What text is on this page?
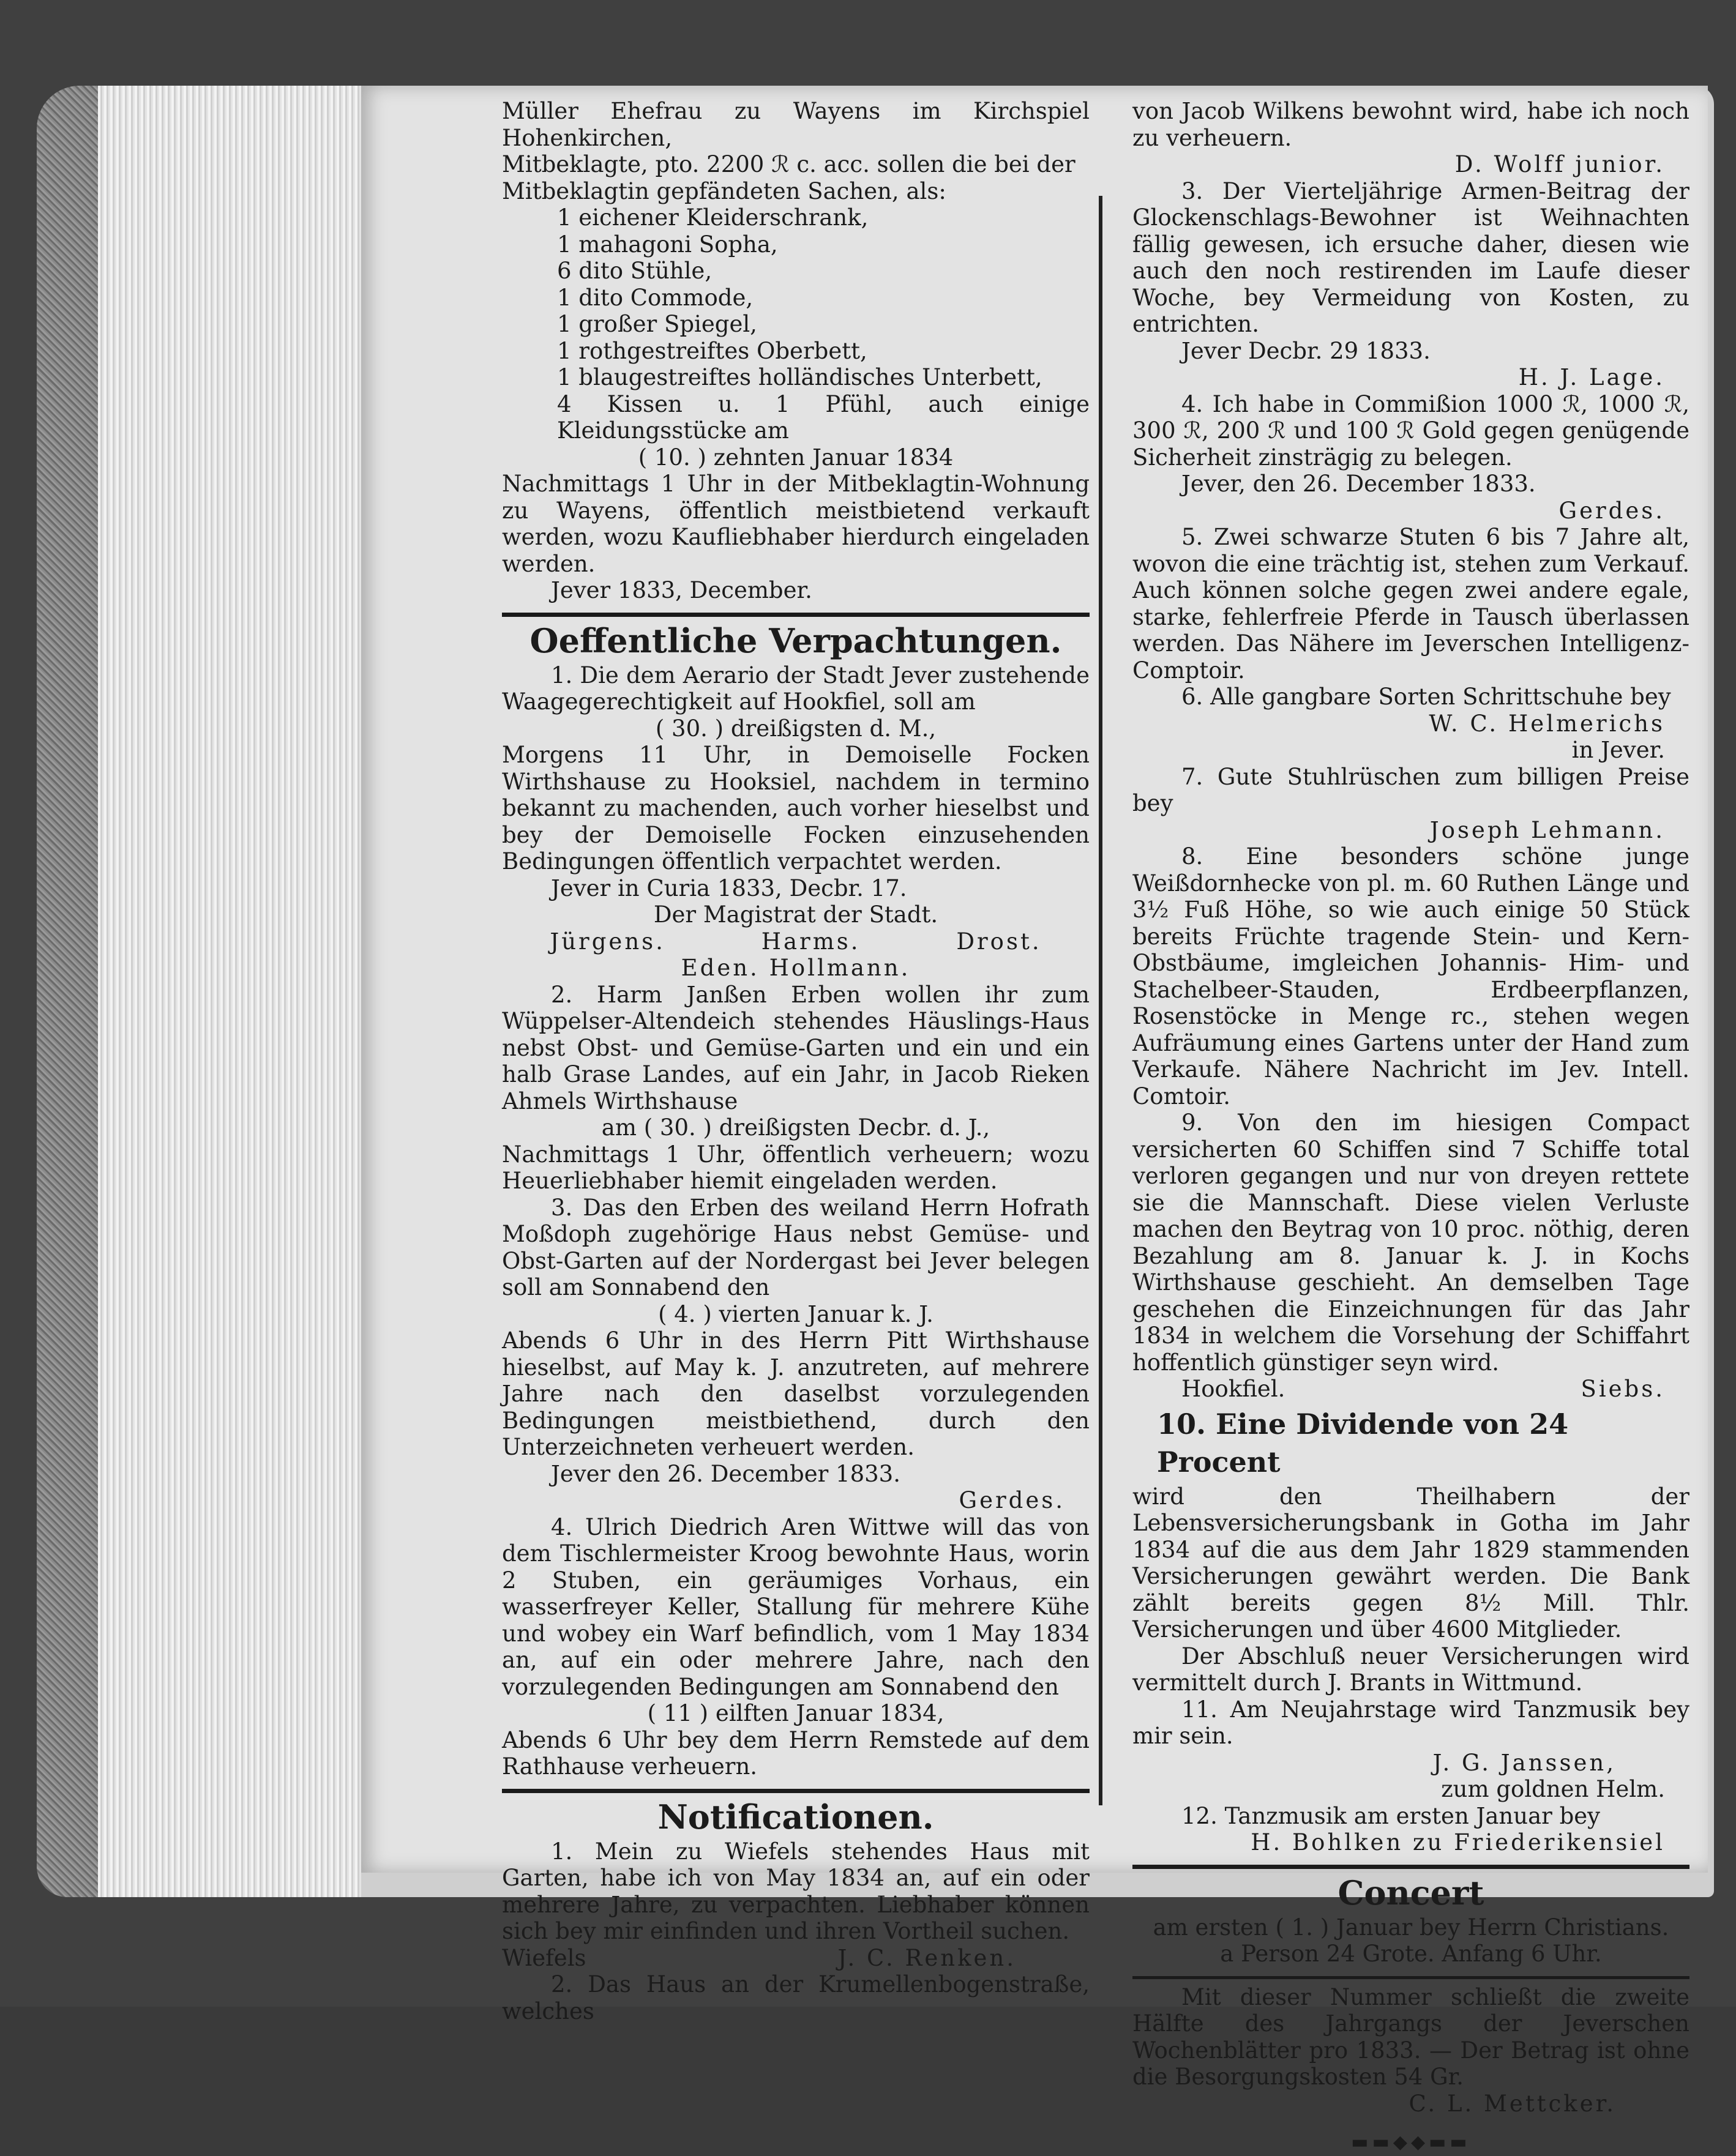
Müller Ehefrau zu Wayens im Kirchspiel Hohenkirchen,

Mitbeklagte, pto. 2200 ℛ c. acc. sollen die bei der

Mitbeklagtin gepfändeten Sachen, als:

1 eichener Kleiderschrank,

1 mahagoni Sopha,

6 dito Stühle,

1 dito Commode,

1 großer Spiegel,

1 rothgestreiftes Oberbett,

1 blaugestreiftes holländisches Unterbett,

4 Kissen u. 1 Pfühl, auch einige Kleidungsstücke am

( 10. ) zehnten Januar 1834

Nachmittags 1 Uhr in der Mitbeklagtin-Wohnung zu Wayens, öffentlich meistbietend verkauft werden, wozu Kaufliebhaber hierdurch eingeladen werden.

Jever 1833, December.

Oeffentliche Verpachtungen.

1. Die dem Aerario der Stadt Jever zustehende Waagegerechtigkeit auf Hookfiel, soll am

( 30. ) dreißigsten d. M.,

Morgens 11 Uhr, in Demoiselle Focken Wirthshause zu Hooksiel, nachdem in termino bekannt zu machenden, auch vorher hieselbst und bey der Demoiselle Focken einzusehenden Bedingungen öffentlich verpachtet werden.

Jever in Curia 1833, Decbr. 17.

Der Magistrat der Stadt.

Jürgens.	Harms.	Drost.

Eden. Hollmann.

2. Harm Janßen Erben wollen ihr zum Wüppelser-Altendeich stehendes Häuslings-Haus nebst Obst- und Gemüse-Garten und ein und ein halb Grase Landes, auf ein Jahr, in Jacob Rieken Ahmels Wirthshause

am ( 30. ) dreißigsten Decbr. d. J.,

Nachmittags 1 Uhr, öffentlich verheuern; wozu Heuerliebhaber hiemit eingeladen werden.

3. Das den Erben des weiland Herrn Hofrath Moßdoph zugehörige Haus nebst Gemüse- und Obst-Garten auf der Nordergast bei Jever belegen soll am Sonnabend den

( 4. ) vierten Januar k. J.

Abends 6 Uhr in des Herrn Pitt Wirthshause hieselbst, auf May k. J. anzutreten, auf mehrere Jahre nach den daselbst vorzulegenden Bedingungen meistbiethend, durch den Unterzeichneten verheuert werden.

Jever den 26. December 1833.

Gerdes.

4. Ulrich Diedrich Aren Wittwe will das von dem Tischlermeister Kroog bewohnte Haus, worin 2 Stuben, ein geräumiges Vorhaus, ein wasserfreyer Keller, Stallung für mehrere Kühe und wobey ein Warf befindlich, vom 1 May 1834 an, auf ein oder mehrere Jahre, nach den vorzulegenden Bedingungen am Sonnabend den

( 11 ) eilften Januar 1834,

Abends 6 Uhr bey dem Herrn Remstede auf dem Rathhause verheuern.

Notificationen.

1. Mein zu Wiefels stehendes Haus mit Garten, habe ich von May 1834 an, auf ein oder mehrere Jahre, zu verpachten. Liebhaber können sich bey mir einfinden und ihren Vortheil suchen.

Wiefels	J. C. Renken.

2. Das Haus an der Krumellenbogenstraße, welches

von Jacob Wilkens bewohnt wird, habe ich noch zu verheuern.

D. Wolff junior.

3. Der Vierteljährige Armen-Beitrag der Glockenschlags-Bewohner ist Weihnachten fällig gewesen, ich ersuche daher, diesen wie auch den noch restirenden im Laufe dieser Woche, bey Vermeidung von Kosten, zu entrichten.

Jever Decbr. 29 1833.

H. J. Lage.

4. Ich habe in Commißion 1000 ℛ, 1000 ℛ, 300 ℛ, 200 ℛ und 100 ℛ Gold gegen genügende Sicherheit zinsträgig zu belegen.

Jever, den 26. December 1833.

Gerdes.

5. Zwei schwarze Stuten 6 bis 7 Jahre alt, wovon die eine trächtig ist, stehen zum Verkauf. Auch können solche gegen zwei andere egale, starke, fehlerfreie Pferde in Tausch überlassen werden. Das Nähere im Jeverschen Intelligenz-Comptoir.

6. Alle gangbare Sorten Schrittschuhe bey

W. C. Helmerichs

in Jever.

7. Gute Stuhlrüschen zum billigen Preise bey

Joseph Lehmann.

8. Eine besonders schöne junge Weißdornhecke von pl. m. 60 Ruthen Länge und 3½ Fuß Höhe, so wie auch einige 50 Stück bereits Früchte tragende Stein- und Kern-Obstbäume, imgleichen Johannis- Him- und Stachelbeer-Stauden, Erdbeerpflanzen, Rosenstöcke in Menge rc., stehen wegen Aufräumung eines Gartens unter der Hand zum Verkaufe. Nähere Nachricht im Jev. Intell. Comtoir.

9. Von den im hiesigen Compact versicherten 60 Schiffen sind 7 Schiffe total verloren gegangen und nur von dreyen rettete sie die Mannschaft. Diese vielen Verluste machen den Beytrag von 10 proc. nöthig, deren Bezahlung am 8. Januar k. J. in Kochs Wirthshause geschieht. An demselben Tage geschehen die Einzeichnungen für das Jahr 1834 in welchem die Vorsehung der Schiffahrt hoffentlich günstiger seyn wird.

Hookfiel.	Siebs.
10. Eine Dividende von 24 Procent

wird den Theilhabern der Lebensversicherungsbank in Gotha im Jahr 1834 auf die aus dem Jahr 1829 stammenden Versicherungen gewährt werden. Die Bank zählt bereits gegen 8½ Mill. Thlr. Versicherungen und über 4600 Mitglieder.

Der Abschluß neuer Versicherungen wird vermittelt durch J. Brants in Wittmund.

11. Am Neujahrstage wird Tanzmusik bey mir sein.

J. G. Janssen,

zum goldnen Helm.

12. Tanzmusik am ersten Januar bey

H. Bohlken zu Friederikensiel

Concert

am ersten ( 1. ) Januar bey Herrn Christians.

a Person 24 Grote. Anfang 6 Uhr.

Mit dieser Nummer schließt die zweite Hälfte des Jahrgangs der Jeverschen Wochenblätter pro 1833. — Der Betrag ist ohne die Besorgungskosten 54 Gr.

C. L. Mettcker.

▬▬◆◆▬▬
